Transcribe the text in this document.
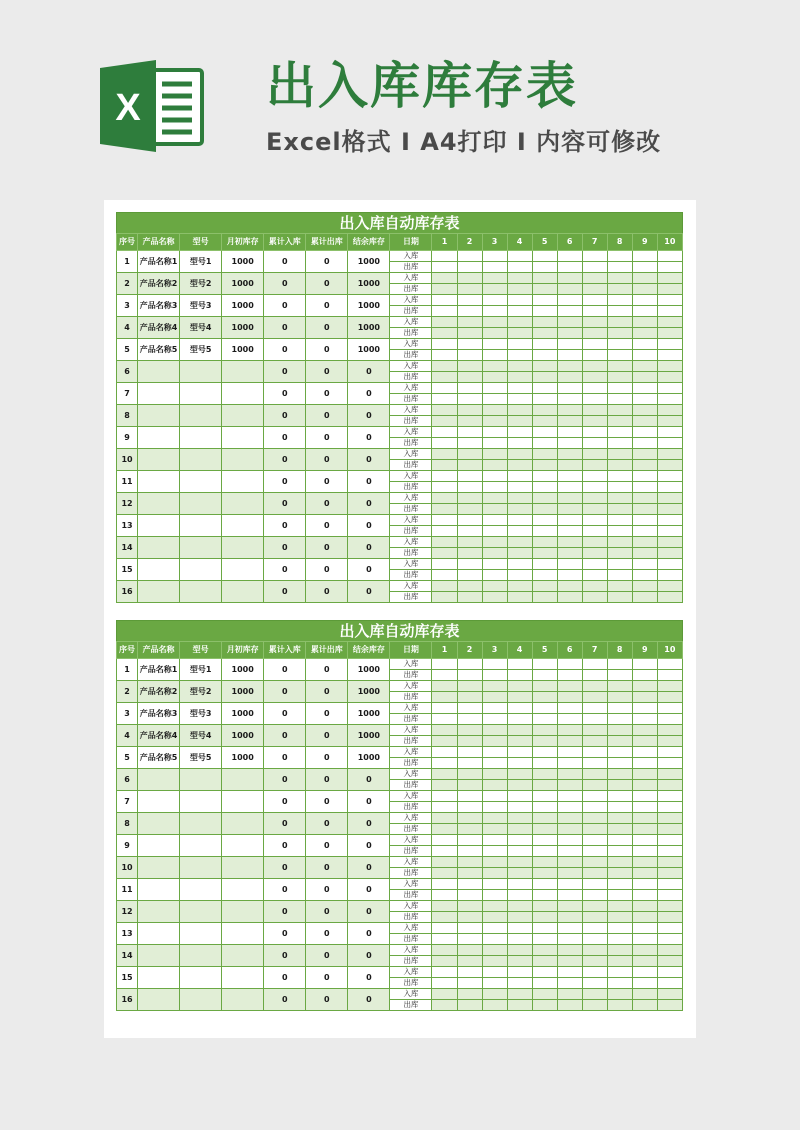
X	出入库库存表
Excel格式 Ⅰ A4打印 Ⅰ 内容可修改
出入库自动库存表
序号	产品名称	型号	月初库存	累计入库	累计出库	结余库存	日期	1	2	3	4	5	6	7	8	9	10
1	产品名称1	型号1	1000	0	0	1000	入库										
							出库										
2	产品名称2	型号2	1000	0	0	1000	入库										
							出库										
3	产品名称3	型号3	1000	0	0	1000	入库										
							出库										
4	产品名称4	型号4	1000	0	0	1000	入库										
							出库										
5	产品名称5	型号5	1000	0	0	1000	入库										
							出库										
6				0	0	0	入库										
							出库										
7				0	0	0	入库										
							出库										
8				0	0	0	入库										
							出库										
9				0	0	0	入库										
							出库										
10				0	0	0	入库										
							出库										
11				0	0	0	入库										
							出库										
12				0	0	0	入库										
							出库										
13				0	0	0	入库										
							出库										
14				0	0	0	入库										
							出库										
15				0	0	0	入库										
							出库										
16				0	0	0	入库										
							出库										
出入库自动库存表
序号	产品名称	型号	月初库存	累计入库	累计出库	结余库存	日期	1	2	3	4	5	6	7	8	9	10
1	产品名称1	型号1	1000	0	0	1000	入库										
							出库										
2	产品名称2	型号2	1000	0	0	1000	入库										
							出库										
3	产品名称3	型号3	1000	0	0	1000	入库										
							出库										
4	产品名称4	型号4	1000	0	0	1000	入库										
							出库										
5	产品名称5	型号5	1000	0	0	1000	入库										
							出库										
6				0	0	0	入库										
							出库										
7				0	0	0	入库										
							出库										
8				0	0	0	入库										
							出库										
9				0	0	0	入库										
							出库										
10				0	0	0	入库										
							出库										
11				0	0	0	入库										
							出库										
12				0	0	0	入库										
							出库										
13				0	0	0	入库										
							出库										
14				0	0	0	入库										
							出库										
15				0	0	0	入库										
							出库										
16				0	0	0	入库										
							出库										
